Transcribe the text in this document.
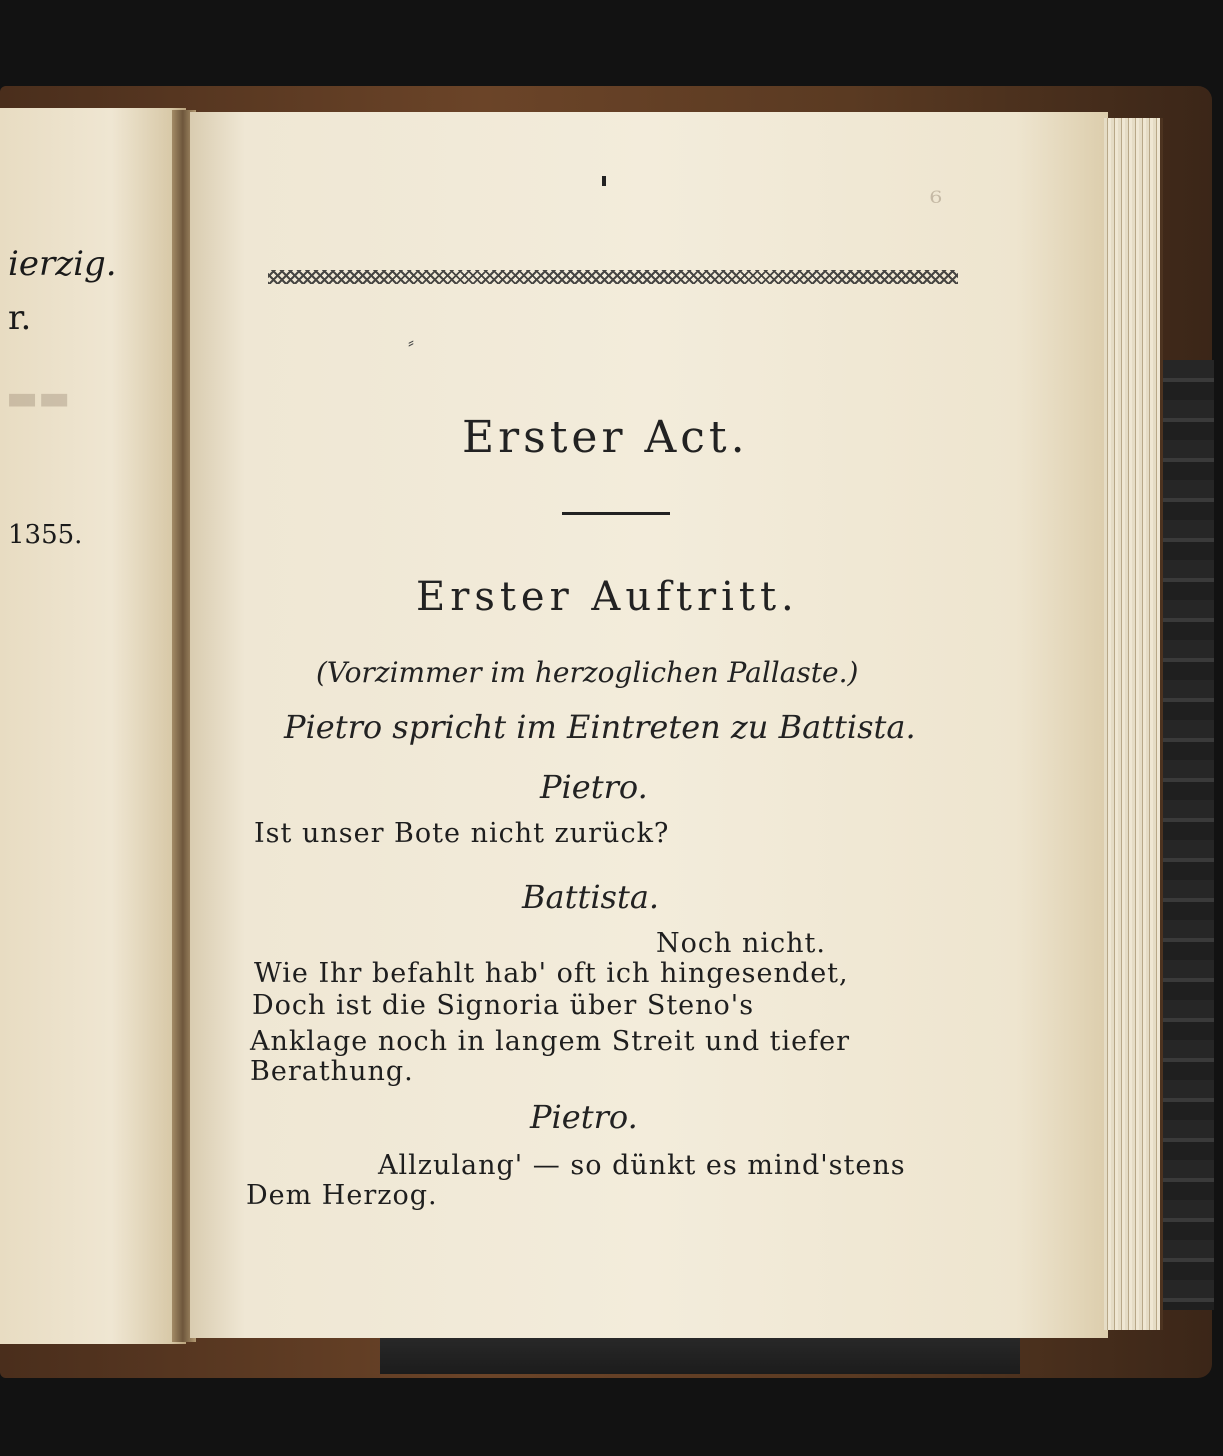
ierzig.
r.
▬▬
1355.
⸗
⁶
Erster Act.
Erster Auftritt.
(Vorzimmer im herzoglichen Pallaste.)
Pietro spricht im Eintreten zu Battista.
Pietro.
Ist unser Bote nicht zurück?
Battista.
Noch nicht.
Wie Ihr befahlt hab' oft ich hingesendet,
Doch ist die Signoria über Steno's
Anklage noch in langem Streit und tiefer
Berathung.
Pietro.
Allzulang' — so dünkt es mind'stens
Dem Herzog.
